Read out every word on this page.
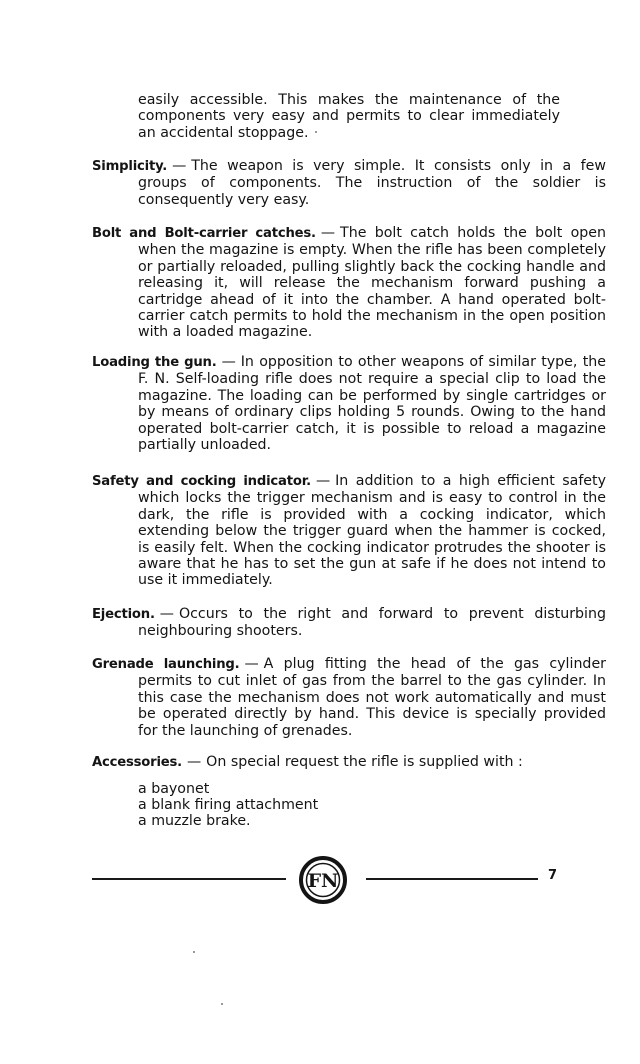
easily accessible. This makes the maintenance of the components very easy and permits to clear immediately an accidental stoppage.
Simplicity. — The weapon is very simple. It consists only in a few groups of components. The instruction of the soldier is consequently very easy.
Bolt and Bolt-carrier catches. — The bolt catch holds the bolt open when the magazine is empty. When the rifle has been completely or partially reloaded, pulling slightly back the cocking handle and releasing it, will release the mechanism forward pushing a cartridge ahead of it into the chamber. A hand operated bolt-carrier catch permits to hold the mechanism in the open position with a loaded magazine.
Loading the gun. — In opposition to other weapons of similar type, the F. N. Self-loading rifle does not require a special clip to load the magazine. The loading can be performed by single cartridges or by means of ordinary clips holding 5 rounds. Owing to the hand operated bolt-carrier catch, it is possible to reload a magazine partially unloaded.
Safety and cocking indicator. — In addition to a high efficient safety which locks the trigger mechanism and is easy to control in the dark, the rifle is provided with a cocking indicator, which extending below the trigger guard when the hammer is cocked, is easily felt. When the cocking indicator protrudes the shooter is aware that he has to set the gun at safe if he does not intend to use it immediately.
Ejection. — Occurs to the right and forward to prevent disturbing neighbouring shooters.
Grenade launching. — A plug fitting the head of the gas cylinder permits to cut inlet of gas from the barrel to the gas cylinder. In this case the mechanism does not work automatically and must be operated directly by hand. This device is specially provided for the launching of grenades.
Accessories. — On special request the rifle is supplied with :
a bayonet
a blank firing attachment
a muzzle brake.
FN	7
